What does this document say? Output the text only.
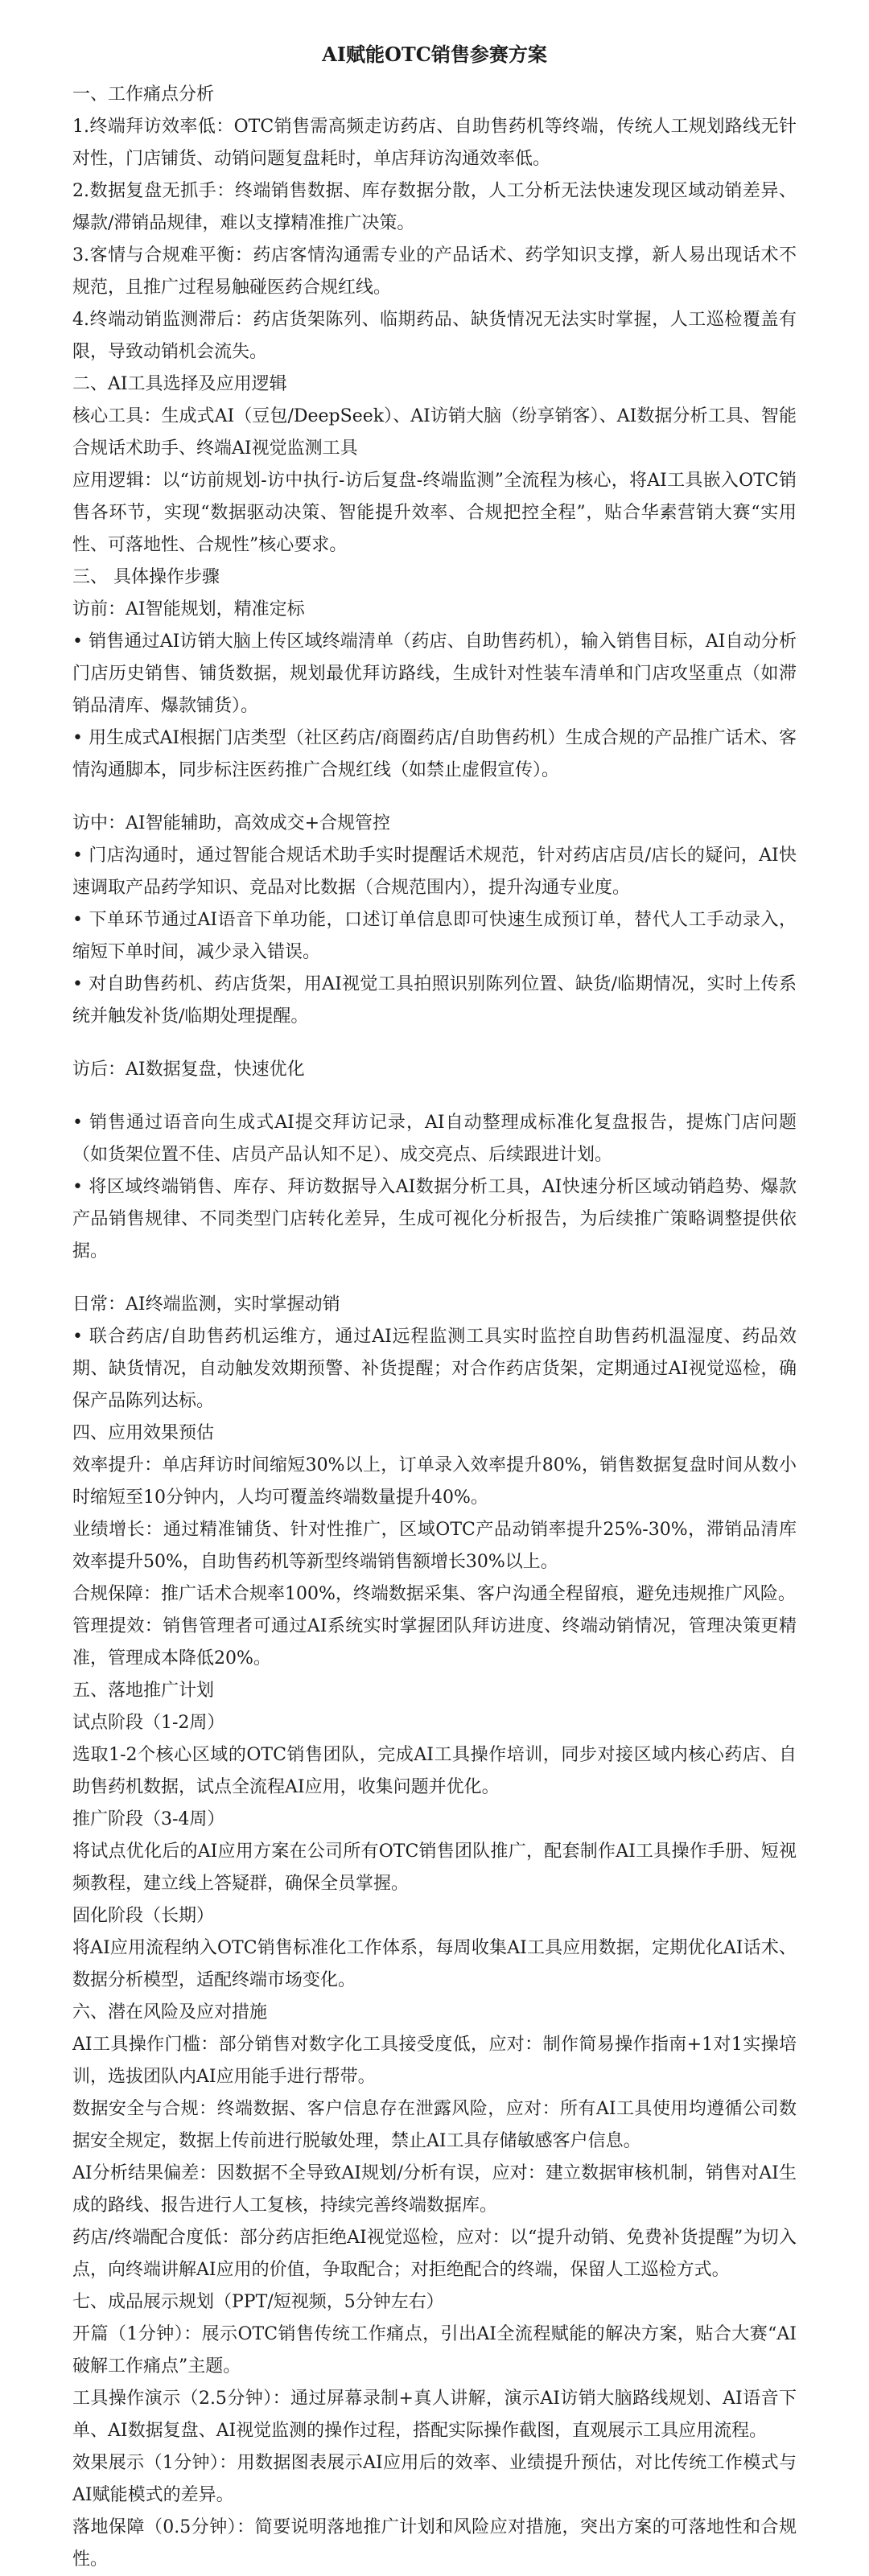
AI赋能OTC销售参赛方案
一、工作痛点分析
1.终端拜访效率低：OTC销售需高频走访药店、自助售药机等终端，传统人工规划路线无针对性，门店铺货、动销问题复盘耗时，单店拜访沟通效率低。
2.数据复盘无抓手：终端销售数据、库存数据分散，人工分析无法快速发现区域动销差异、爆款/滞销品规律，难以支撑精准推广决策。
3.客情与合规难平衡：药店客情沟通需专业的产品话术、药学知识支撑，新人易出现话术不规范，且推广过程易触碰医药合规红线。
4.终端动销监测滞后：药店货架陈列、临期药品、缺货情况无法实时掌握，人工巡检覆盖有限，导致动销机会流失。
二、AI工具选择及应用逻辑
核心工具：生成式AI（豆包/DeepSeek）、AI访销大脑（纷享销客）、AI数据分析工具、智能合规话术助手、终端AI视觉监测工具
应用逻辑：以“访前规划-访中执行-访后复盘-终端监测”全流程为核心，将AI工具嵌入OTC销售各环节，实现“数据驱动决策、智能提升效率、合规把控全程”，贴合华素营销大赛“实用性、可落地性、合规性”核心要求。
三、 具体操作步骤
访前：AI智能规划，精准定标
• 销售通过AI访销大脑上传区域终端清单（药店、自助售药机），输入销售目标，AI自动分析门店历史销售、铺货数据，规划最优拜访路线，生成针对性装车清单和门店攻坚重点（如滞销品清库、爆款铺货）。
• 用生成式AI根据门店类型（社区药店/商圈药店/自助售药机）生成合规的产品推广话术、客情沟通脚本，同步标注医药推广合规红线（如禁止虚假宣传）。
访中：AI智能辅助，高效成交+合规管控
• 门店沟通时，通过智能合规话术助手实时提醒话术规范，针对药店店员/店长的疑问，AI快速调取产品药学知识、竞品对比数据（合规范围内），提升沟通专业度。
• 下单环节通过AI语音下单功能，口述订单信息即可快速生成预订单，替代人工手动录入，缩短下单时间，减少录入错误。
• 对自助售药机、药店货架，用AI视觉工具拍照识别陈列位置、缺货/临期情况，实时上传系统并触发补货/临期处理提醒。
访后：AI数据复盘，快速优化
• 销售通过语音向生成式AI提交拜访记录，AI自动整理成标准化复盘报告，提炼门店问题（如货架位置不佳、店员产品认知不足）、成交亮点、后续跟进计划。
• 将区域终端销售、库存、拜访数据导入AI数据分析工具，AI快速分析区域动销趋势、爆款产品销售规律、不同类型门店转化差异，生成可视化分析报告，为后续推广策略调整提供依据。
日常：AI终端监测，实时掌握动销
• 联合药店/自助售药机运维方，通过AI远程监测工具实时监控自助售药机温湿度、药品效期、缺货情况，自动触发效期预警、补货提醒；对合作药店货架，定期通过AI视觉巡检，确保产品陈列达标。
四、应用效果预估
效率提升：单店拜访时间缩短30%以上，订单录入效率提升80%，销售数据复盘时间从数小时缩短至10分钟内，人均可覆盖终端数量提升40%。
业绩增长：通过精准铺货、针对性推广，区域OTC产品动销率提升25%-30%，滞销品清库效率提升50%，自助售药机等新型终端销售额增长30%以上。
合规保障：推广话术合规率100%，终端数据采集、客户沟通全程留痕，避免违规推广风险。
管理提效：销售管理者可通过AI系统实时掌握团队拜访进度、终端动销情况，管理决策更精准，管理成本降低20%。
五、落地推广计划
试点阶段（1-2周）
选取1-2个核心区域的OTC销售团队，完成AI工具操作培训，同步对接区域内核心药店、自助售药机数据，试点全流程AI应用，收集问题并优化。
推广阶段（3-4周）
将试点优化后的AI应用方案在公司所有OTC销售团队推广，配套制作AI工具操作手册、短视频教程，建立线上答疑群，确保全员掌握。
固化阶段（长期）
将AI应用流程纳入OTC销售标准化工作体系，每周收集AI工具应用数据，定期优化AI话术、数据分析模型，适配终端市场变化。
六、潜在风险及应对措施
AI工具操作门槛：部分销售对数字化工具接受度低，应对：制作简易操作指南+1对1实操培训，选拔团队内AI应用能手进行帮带。
数据安全与合规：终端数据、客户信息存在泄露风险，应对：所有AI工具使用均遵循公司数据安全规定，数据上传前进行脱敏处理，禁止AI工具存储敏感客户信息。
AI分析结果偏差：因数据不全导致AI规划/分析有误，应对：建立数据审核机制，销售对AI生成的路线、报告进行人工复核，持续完善终端数据库。
药店/终端配合度低：部分药店拒绝AI视觉巡检，应对：以“提升动销、免费补货提醒”为切入点，向终端讲解AI应用的价值，争取配合；对拒绝配合的终端，保留人工巡检方式。
七、成品展示规划（PPT/短视频，5分钟左右）
开篇（1分钟）：展示OTC销售传统工作痛点，引出AI全流程赋能的解决方案，贴合大赛“AI破解工作痛点”主题。
工具操作演示（2.5分钟）：通过屏幕录制+真人讲解，演示AI访销大脑路线规划、AI语音下单、AI数据复盘、AI视觉监测的操作过程，搭配实际操作截图，直观展示工具应用流程。
效果展示（1分钟）：用数据图表展示AI应用后的效率、业绩提升预估，对比传统工作模式与AI赋能模式的差异。
落地保障（0.5分钟）：简要说明落地推广计划和风险应对措施，突出方案的可落地性和合规性。
